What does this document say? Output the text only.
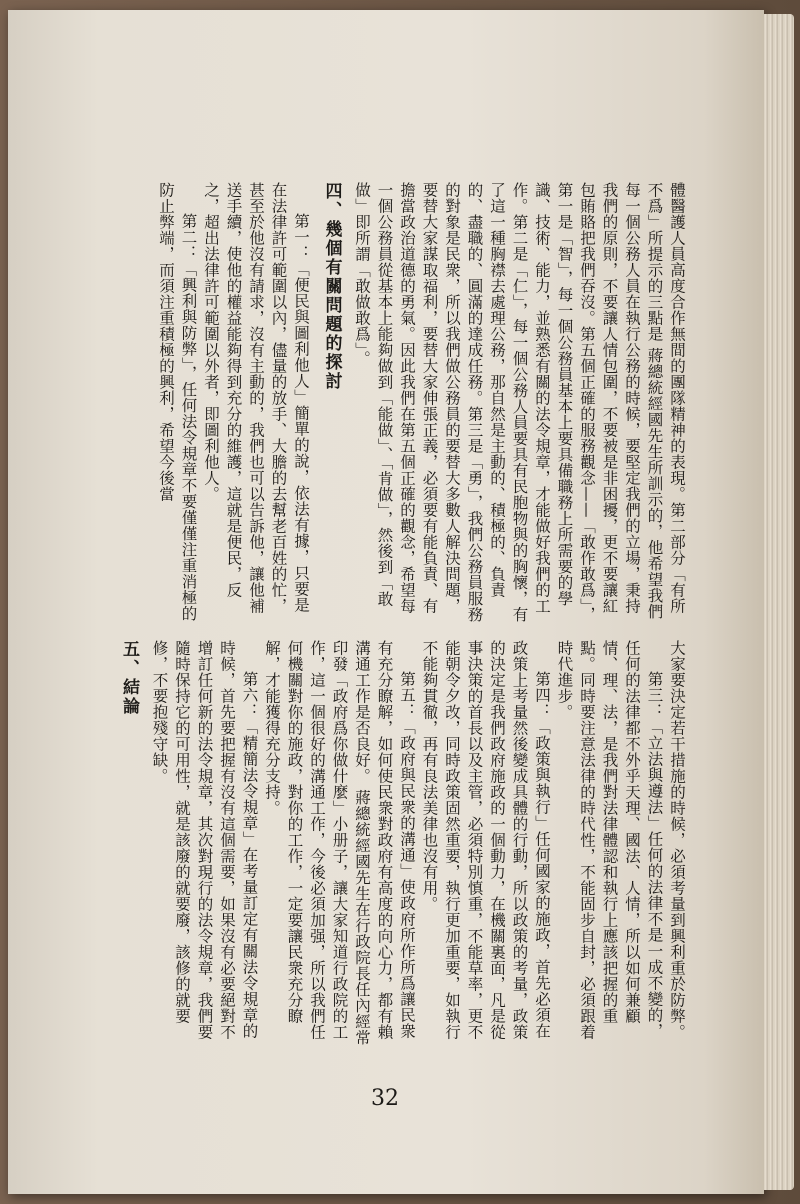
體醫護人員高度合作無間的團隊精神的表現。第二部分「有所不爲」所提示的三點是 蔣總統經國先生所訓示的，他希望我們每一個公務人員在執行公務的時候，要堅定我們的立場，秉持我們的原則，不要讓人情包圍，不要被是非困擾，更不要讓紅包賄賂把我們吞沒。第五個正確的服務觀念——「敢作敢爲」，第一是「智」，每一個公務員基本上要具備職務上所需要的學識、技術、能力，並熟悉有關的法令規章，才能做好我們的工作。第二是「仁」，每一個公務人員要具有民胞物與的胸懷，有了這一種胸襟去處理公務，那自然是主動的、積極的、負責的、盡職的、圓滿的達成任務。第三是「勇」，我們公務員服務的對象是民衆，所以我們做公務員的要替大多數人解決問題，要替大家謀取福利，要替大家伸張正義，必須要有能負責、有擔當政治道德的勇氣。因此我們在第五個正確的觀念，希望每一個公務員從基本上能夠做到「能做」、「肯做」，然後到「敢做」即所謂「敢做敢爲」。
四、幾個有關問題的探討
第一：「便民與圖利他人」簡單的說，依法有據，只要是在法律許可範圍以內，儘量的放手、大膽的去幫老百姓的忙，甚至於他沒有請求，沒有主動的，我們也可以告訴他，讓他補送手續，使他的權益能夠得到充分的維護，這就是便民，反之，超出法律許可範圍以外者，即圖利他人。
第二：「興利與防弊」，任何法令規章不要僅僅注重消極的防止弊端，而須注重積極的興利，希望今後當
大家要決定若干措施的時候，必須考量到興利重於防弊。
第三：「立法與遵法」任何的法律不是一成不變的，任何的法律都不外乎天理、國法、人情，所以如何兼顧情、理、法，是我們對法律體認和執行上應該把握的重點。同時要注意法律的時代性，不能固步自封，必須跟着時代進步。
第四：「政策與執行」任何國家的施政，首先必須在政策上考量然後變成具體的行動，所以政策的考量，政策的決定是我們政府施政的一個動力，在機關裏面，凡是從事決策的首長以及主管，必須特別慎重，不能草率，更不能朝令夕改，同時政策固然重要，執行更加重要，如執行不能夠貫徹，再有良法美律也沒有用。
第五：「政府與民衆的溝通」使政府所作所爲讓民衆有充分瞭解，如何使民衆對政府有高度的向心力，都有賴溝通工作是否良好。 蔣總統經國先生在行政院長任內經常印發「政府爲你做什麼」小册子，讓大家知道行政院的工作，這一個很好的溝通工作，今後必須加强，所以我們任何機關對你的施政，對你的工作，一定要讓民衆充分瞭解，才能獲得充分支持。
第六：「精簡法令規章」在考量訂定有關法令規章的時候，首先要把握有沒有這個需要，如果沒有必要絕對不增訂任何新的法令規章，其次對現行的法令規章，我們要隨時保持它的可用性，就是該廢的就要廢，該修的就要修，不要抱殘守缺。
五、結論
32
